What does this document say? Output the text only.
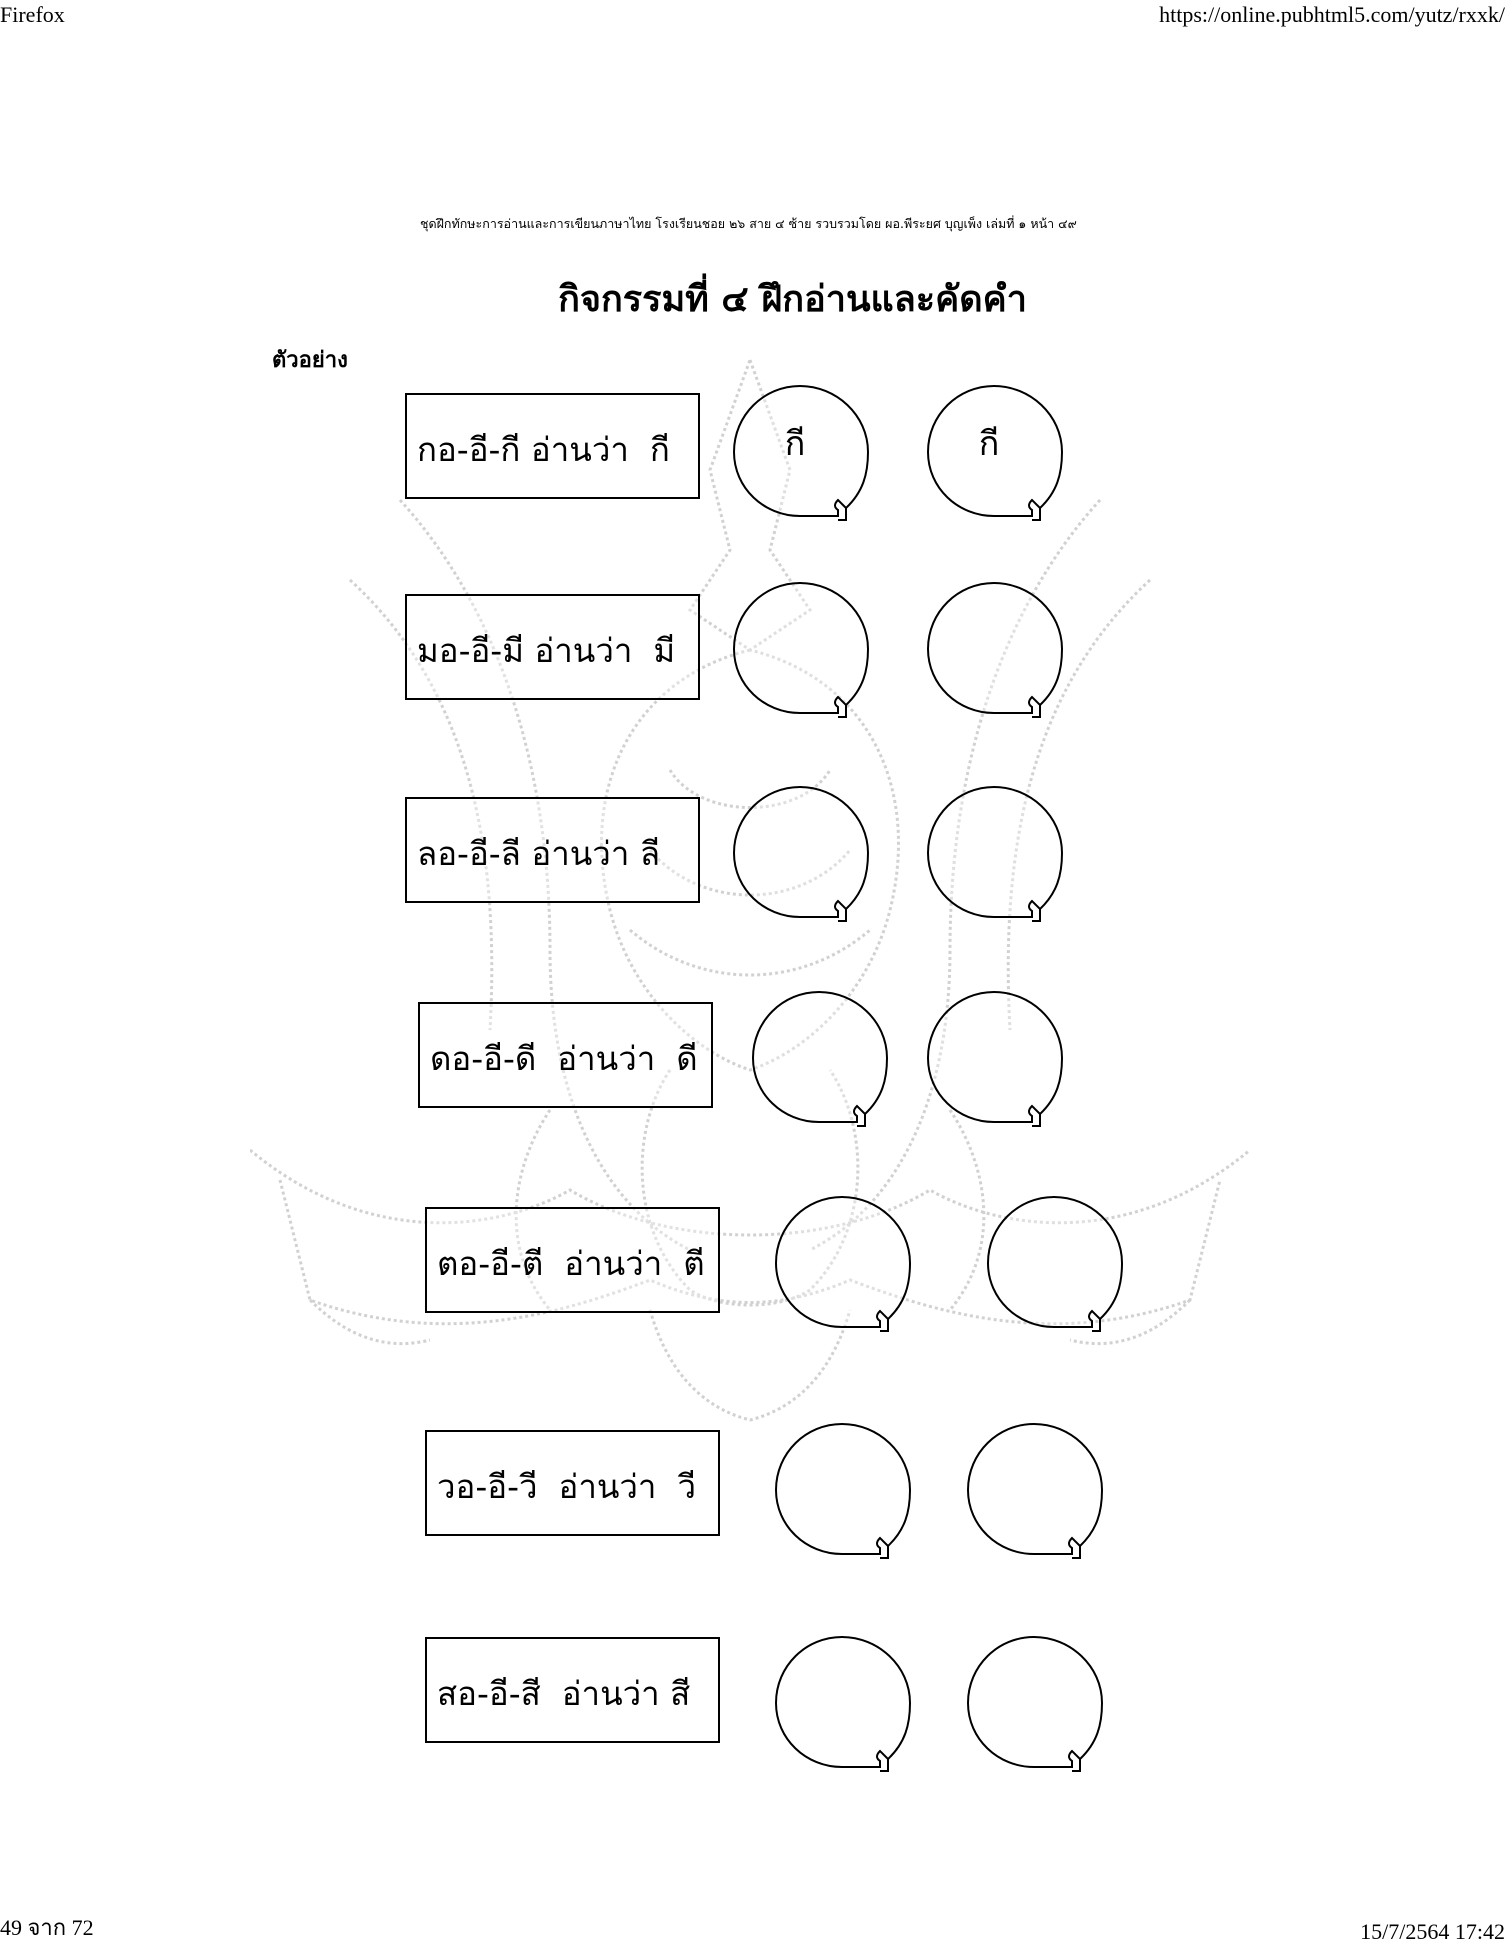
Firefox	https://online.pubhtml5.com/yutz/rxxk/
ชุดฝึกทักษะการอ่านและการเขียนภาษาไทย โรงเรียนชอย ๒๖ สาย ๔ ซ้าย รวบรวมโดย ผอ.พีระยศ บุญเพ็ง เล่มที่ ๑ หน้า ๔๙
กิจกรรมที่ ๔ ฝึกอ่านและคัดคำ
ตัวอย่าง
กอ-อี-กี อ่านว่า  กี	กี	กี
มอ-อี-มี อ่านว่า  มี
ลอ-อี-ลี อ่านว่า ลี
ดอ-อี-ดี  อ่านว่า  ดี
ตอ-อี-ตี  อ่านว่า  ตี
วอ-อี-วี  อ่านว่า  วี
สอ-อี-สี  อ่านว่า สี
49 จาก 72	15/7/2564 17:42
